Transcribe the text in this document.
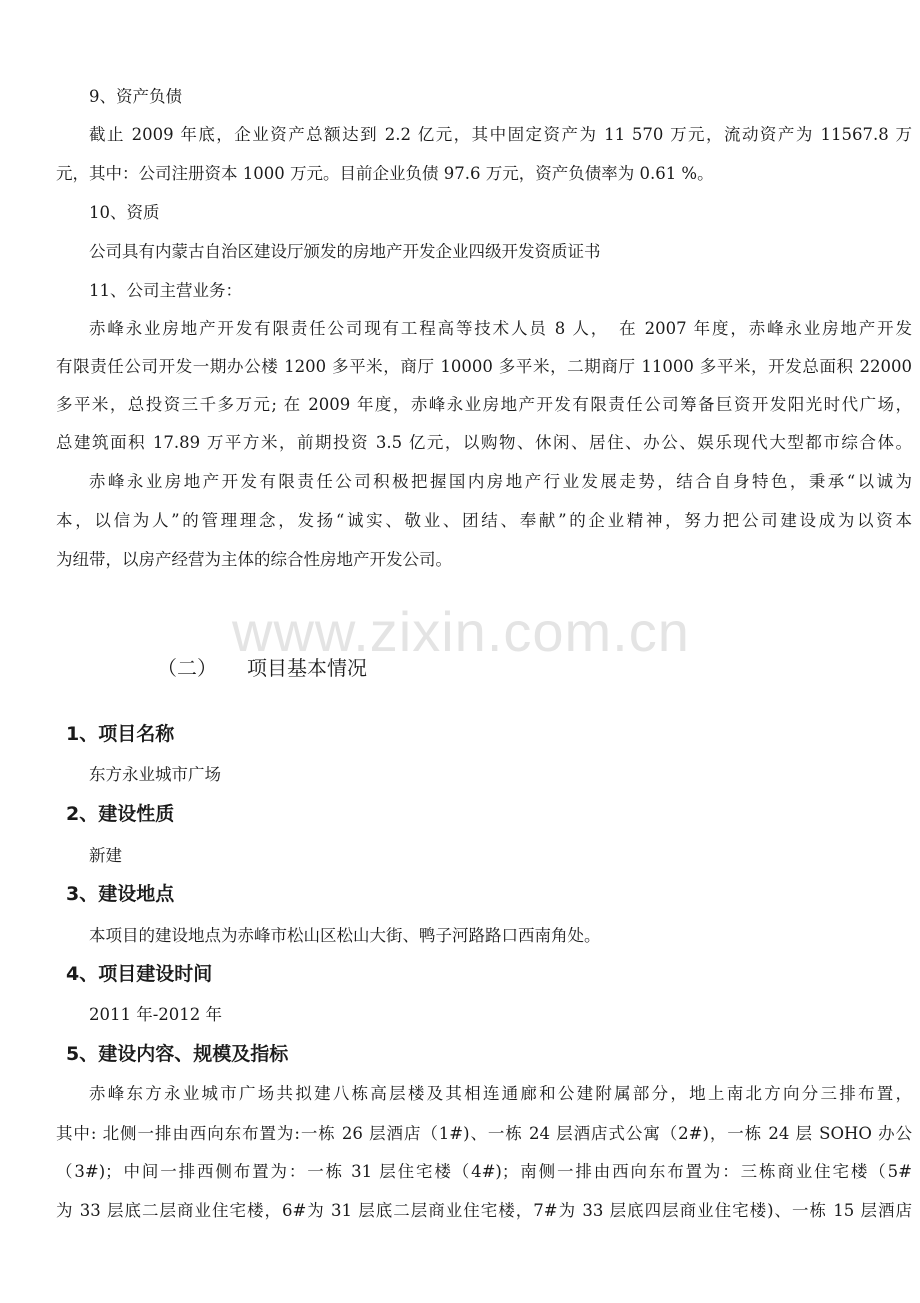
www.zixin.com.cn
9、资产负债
截止 2009 年底，企业资产总额达到 2.2 亿元，其中固定资产为 11 570 万元，流动资产为 11567.8 万
元，其中：公司注册资本 1000 万元。目前企业负债 97.6 万元，资产负债率为 0.61 %。
10、资质
公司具有内蒙古自治区建设厅颁发的房地产开发企业四级开发资质证书
11、公司主营业务：
赤峰永业房地产开发有限责任公司现有工程高等技术人员 8 人，　在 2007 年度，赤峰永业房地产开发
有限责任公司开发一期办公楼 1200 多平米，商厅 10000 多平米，二期商厅 11000 多平米，开发总面积 22000
多平米，总投资三千多万元; 在 2009 年度，赤峰永业房地产开发有限责任公司筹备巨资开发阳光时代广场，
总建筑面积 17.89 万平方米，前期投资 3.5 亿元，以购物、休闲、居住、办公、娱乐现代大型都市综合体。
赤峰永业房地产开发有限责任公司积极把握国内房地产行业发展走势，结合自身特色，秉承“以诚为
本，以信为人”的管理理念，发扬“诚实、敬业、团结、奉献”的企业精神，努力把公司建设成为以资本
为纽带，以房产经营为主体的综合性房地产开发公司。
（二） 项目基本情况
1、项目名称
东方永业城市广场
2、建设性质
新建
3、建设地点
本项目的建设地点为赤峰市松山区松山大街、鸭子河路路口西南角处。
4、项目建设时间
2011 年-2012 年
5、建设内容、规模及指标
赤峰东方永业城市广场共拟建八栋高层楼及其相连通廊和公建附属部分，地上南北方向分三排布置，
其中: 北侧一排由西向东布置为:一栋 26 层酒店（1#)、一栋 24 层酒店式公寓（2#)，一栋 24 层 SOHO 办公
（3#)；中间一排西侧布置为：一栋 31 层住宅楼（4#)；南侧一排由西向东布置为：三栋商业住宅楼（5#
为 33 层底二层商业住宅楼，6#为 31 层底二层商业住宅楼，7#为 33 层底四层商业住宅楼)、一栋 15 层酒店
